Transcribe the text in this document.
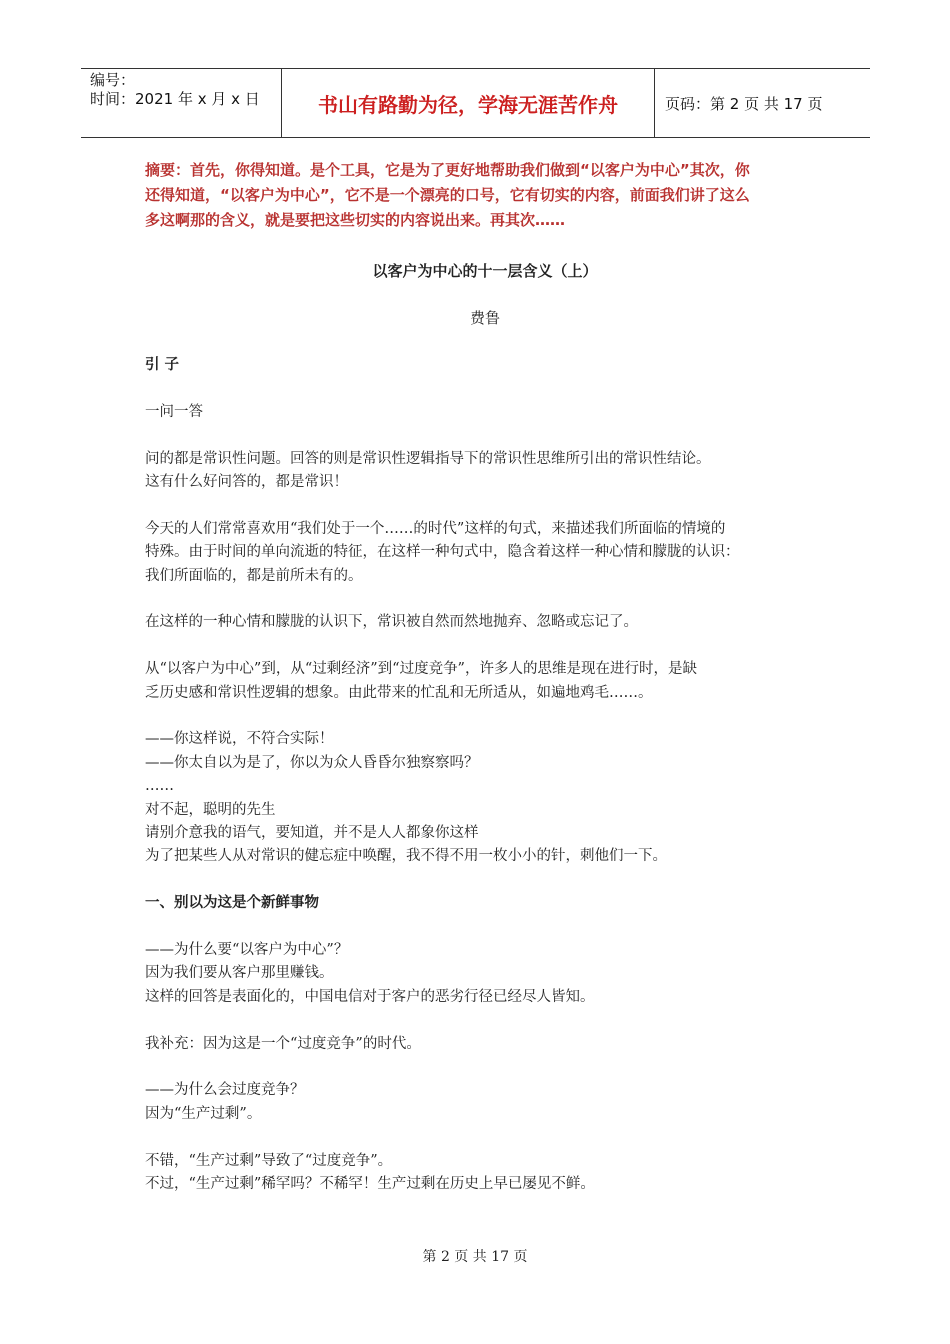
编号：
时间：2021 年 x 月 x 日	书山有路勤为径，学海无涯苦作舟	页码：第 2 页 共 17 页

摘要：首先，你得知道。是个工具，它是为了更好地帮助我们做到“以客户为中心”其次，你

还得知道，“以客户为中心”，它不是一个漂亮的口号，它有切实的内容，前面我们讲了这么

多这啊那的含义，就是要把这些切实的内容说出来。再其次……

以客户为中心的十一层含义（上）
费鲁

引 子

一问一答

问的都是常识性问题。回答的则是常识性逻辑指导下的常识性思维所引出的常识性结论。

这有什么好问答的，都是常识！

今天的人们常常喜欢用“我们处于一个……的时代”这样的句式，来描述我们所面临的情境的

特殊。由于时间的单向流逝的特征，在这样一种句式中，隐含着这样一种心情和朦胧的认识：

我们所面临的，都是前所未有的。

在这样的一种心情和朦胧的认识下，常识被自然而然地抛弃、忽略或忘记了。

从“以客户为中心”到，从“过剩经济”到“过度竞争”，许多人的思维是现在进行时，是缺

乏历史感和常识性逻辑的想象。由此带来的忙乱和无所适从，如遍地鸡毛……。

——你这样说，不符合实际！

——你太自以为是了，你以为众人昏昏尔独察察吗？

……

对不起，聪明的先生

请别介意我的语气，要知道，并不是人人都象你这样

为了把某些人从对常识的健忘症中唤醒，我不得不用一枚小小的针，刺他们一下。

一、别以为这是个新鲜事物

——为什么要“以客户为中心”？

因为我们要从客户那里赚钱。

这样的回答是表面化的，中国电信对于客户的恶劣行径已经尽人皆知。

我补充：因为这是一个“过度竞争”的时代。

——为什么会过度竞争？

因为“生产过剩”。

不错，“生产过剩”导致了“过度竞争”。

不过，“生产过剩”稀罕吗？不稀罕！生产过剩在历史上早已屡见不鲜。

第 2 页 共 17 页
